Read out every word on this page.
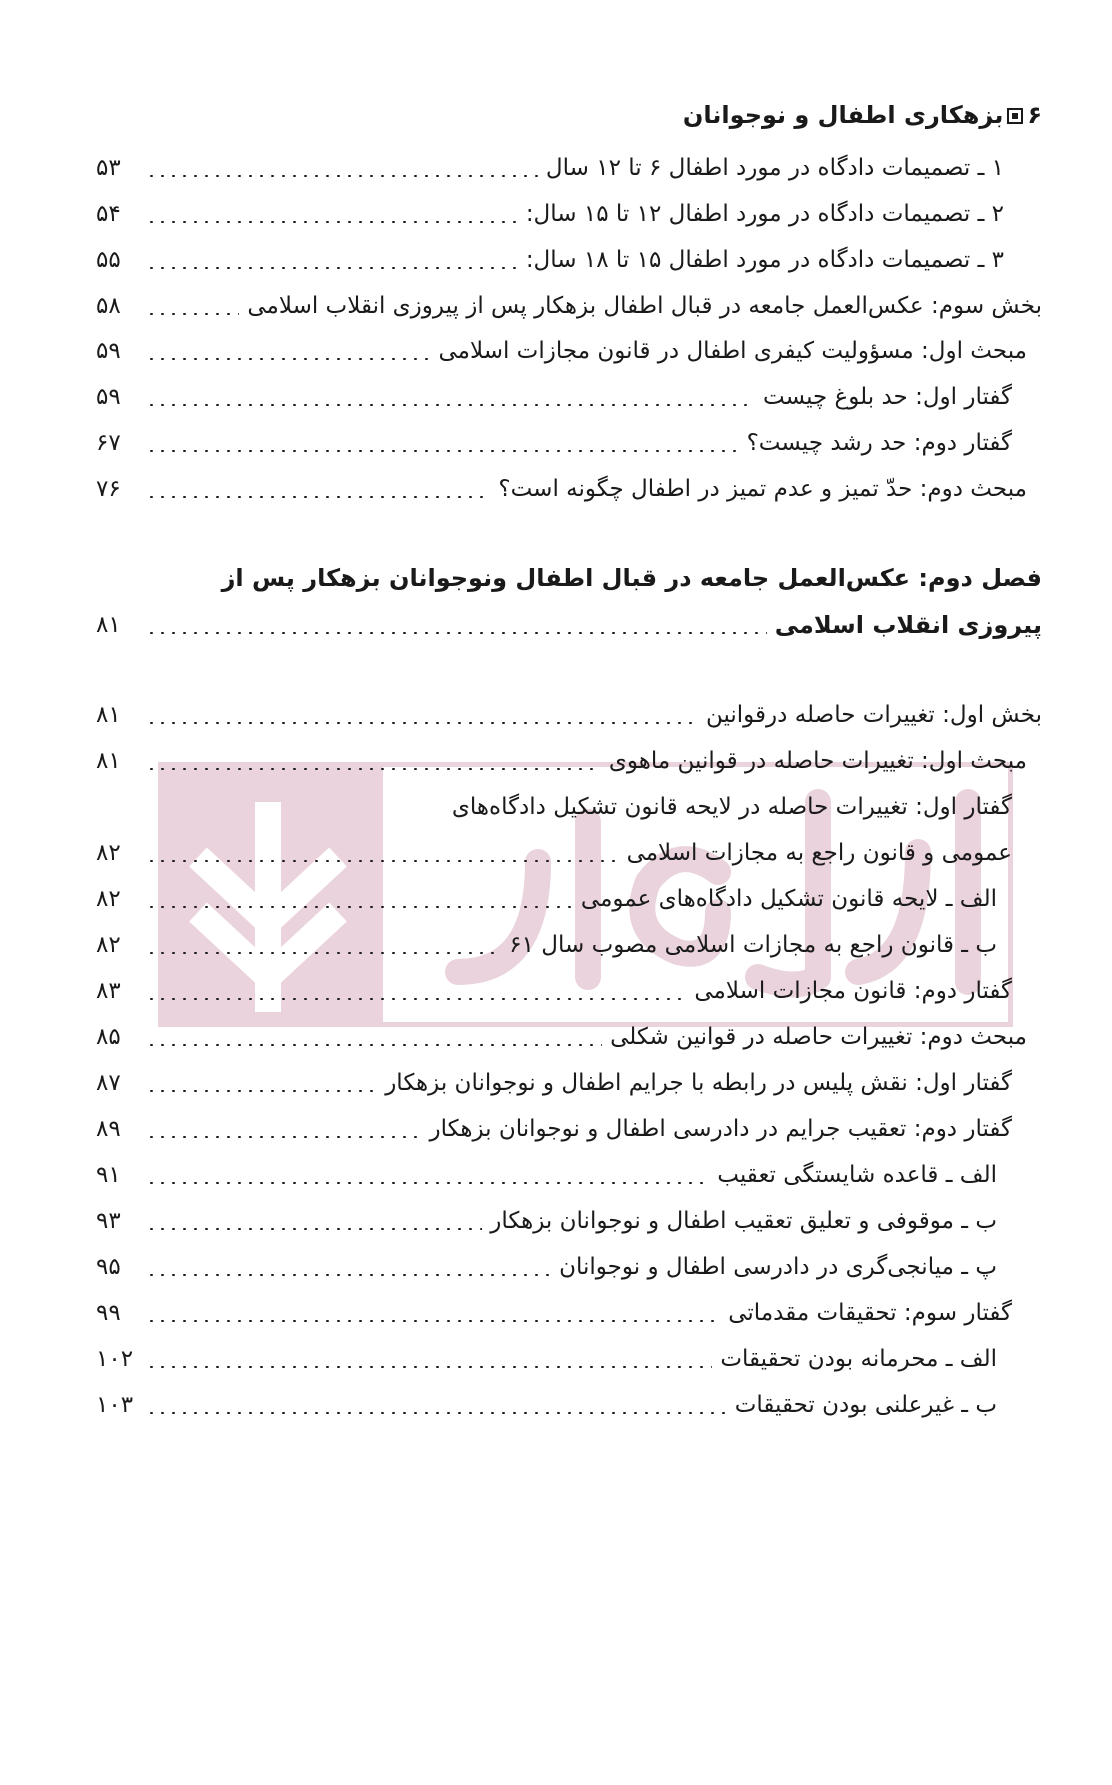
۶بزهکاری اطفال و نوجوانان
۱ ـ تصمیمات دادگاه در مورد اطفال ۶ تا ۱۲ سال
۵۳
۲ ـ تصمیمات دادگاه در مورد اطفال ۱۲ تا ۱۵ سال:
۵۴
۳ ـ تصمیمات دادگاه در مورد اطفال ۱۵ تا ۱۸ سال:
۵۵
بخش سوم: عکس‌العمل جامعه در قبال اطفال بزهکار پس از پیروزی انقلاب اسلامی
۵۸
مبحث اول: مسؤولیت کیفری اطفال در قانون مجازات اسلامی
۵۹
گفتار اول: حد بلوغ چیست
۵۹
گفتار دوم: حد رشد چیست؟
۶۷
مبحث دوم: حدّ تمیز و عدم تمیز در اطفال چگونه است؟
۷۶
فصل دوم: عکس‌العمل جامعه در قبال اطفال ونوجوانان بزهکار پس از
پیروزی انقلاب اسلامی
۸۱
بخش اول: تغییرات حاصله درقوانین
۸۱
مبحث اول: تغییرات حاصله در قوانین ماهوی
۸۱
گفتار اول: تغییرات حاصله در لایحه قانون تشکیل دادگاه‌های
عمومی و قانون راجع به مجازات اسلامی
۸۲
الف ـ لایحه قانون تشکیل دادگاه‌های عمومی
۸۲
ب ـ قانون راجع به مجازات اسلامی مصوب سال ۶۱
۸۲
گفتار دوم: قانون مجازات اسلامی
۸۳
مبحث دوم: تغییرات حاصله در قوانین شکلی
۸۵
گفتار اول: نقش پلیس در رابطه با جرایم اطفال و نوجوانان بزهکار
۸۷
گفتار دوم: تعقیب جرایم در دادرسی اطفال و نوجوانان بزهکار
۸۹
الف ـ قاعده شایستگی تعقیب
۹۱
ب ـ موقوفی و تعلیق تعقیب اطفال و نوجوانان بزهکار
۹۳
پ ـ میانجی‌گری در دادرسی اطفال و نوجوانان
۹۵
گفتار سوم: تحقیقات مقدماتی
۹۹
الف ـ محرمانه بودن تحقیقات
۱۰۲
ب ـ غیرعلنی بودن تحقیقات
۱۰۳
